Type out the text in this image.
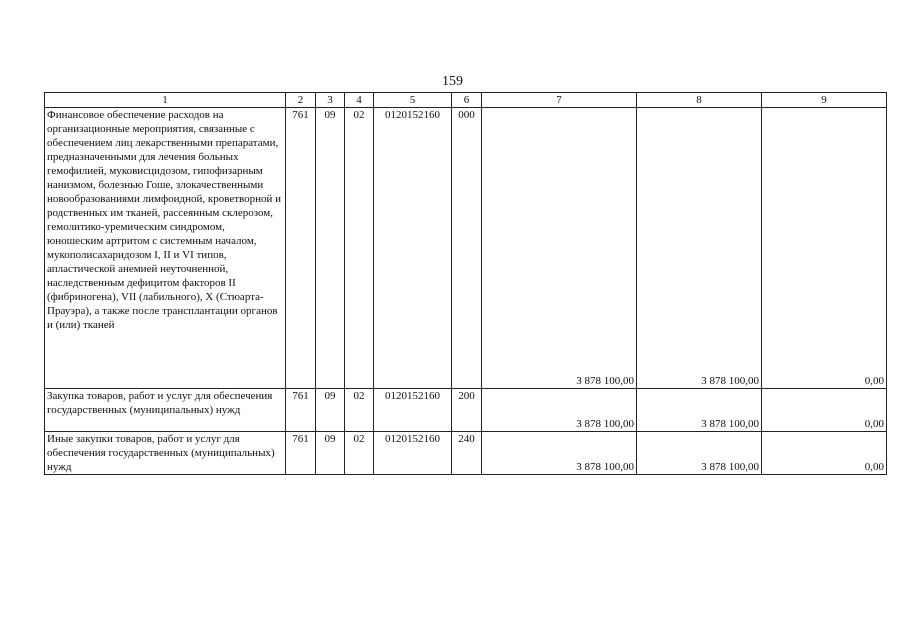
159
1	2	3	4	5	6	7	8	9
Финансовое обеспечение расходов на организационные мероприятия, связанные с обеспечением лиц лекарственными препаратами, предназначенными для лечения больных гемофилией, муковисцидозом, гипофизарным нанизмом, болезнью Гоше, злокачественными новообразованиями лимфоидной, кроветворной и родственных им тканей, рассеянным склерозом, гемолитико-уремическим синдромом, юношеским артритом с системным началом, мукополисахаридозом I, II и VI типов, апластической анемией неуточненной, наследственным дефицитом факторов II (фибриногена), VII (лабильного), X (Стюарта-Прауэра), а также после трансплантации органов и (или) тканей	761	09	02	0120152160	000	3 878 100,00	3 878 100,00	0,00
Закупка товаров, работ и услуг для обеспечения государственных (муниципальных) нужд	761	09	02	0120152160	200	3 878 100,00	3 878 100,00	0,00
Иные закупки товаров, работ и услуг для обеспечения государственных (муниципальных) нужд	761	09	02	0120152160	240	3 878 100,00	3 878 100,00	0,00
